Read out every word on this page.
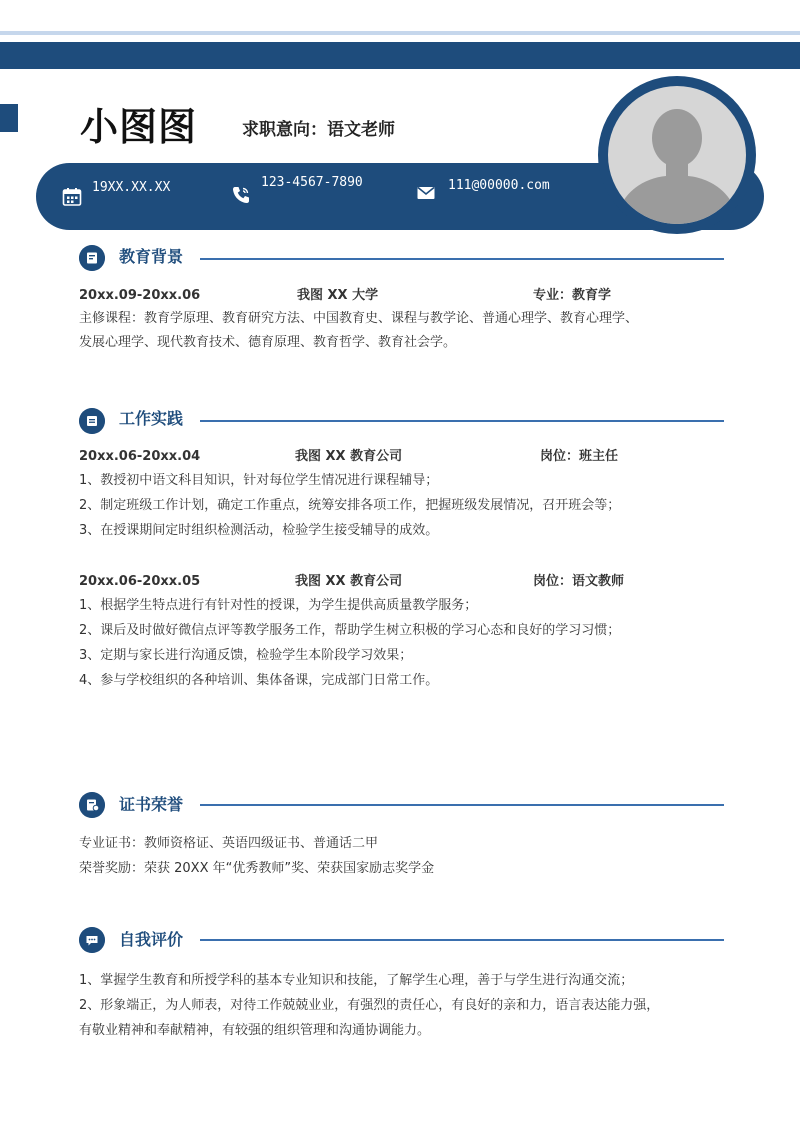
小图图	求职意向：语文老师
19XX.XX.XX	123-4567-7890	111@00000.com
教育背景
20xx.09-20xx.06	我图 XX 大学	专业：教育学
主修课程：教育学原理、教育研究方法、中国教育史、课程与教学论、普通心理学、教育心理学、
发展心理学、现代教育技术、德育原理、教育哲学、教育社会学。
工作实践
20xx.06-20xx.04	我图 XX 教育公司	岗位：班主任
1、教授初中语文科目知识，针对每位学生情况进行课程辅导；
2、制定班级工作计划，确定工作重点，统筹安排各项工作，把握班级发展情况，召开班会等；
3、在授课期间定时组织检测活动，检验学生接受辅导的成效。
20xx.06-20xx.05	我图 XX 教育公司	岗位：语文教师
1、根据学生特点进行有针对性的授课，为学生提供高质量教学服务；
2、课后及时做好微信点评等教学服务工作，帮助学生树立积极的学习心态和良好的学习习惯；
3、定期与家长进行沟通反馈，检验学生本阶段学习效果；
4、参与学校组织的各种培训、集体备课，完成部门日常工作。
证书荣誉
专业证书：教师资格证、英语四级证书、普通话二甲
荣誉奖励：荣获 20XX 年“优秀教师”奖、荣获国家励志奖学金
自我评价
1、掌握学生教育和所授学科的基本专业知识和技能，了解学生心理，善于与学生进行沟通交流；
2、形象端正，为人师表，对待工作兢兢业业，有强烈的责任心，有良好的亲和力，语言表达能力强，
有敬业精神和奉献精神，有较强的组织管理和沟通协调能力。
